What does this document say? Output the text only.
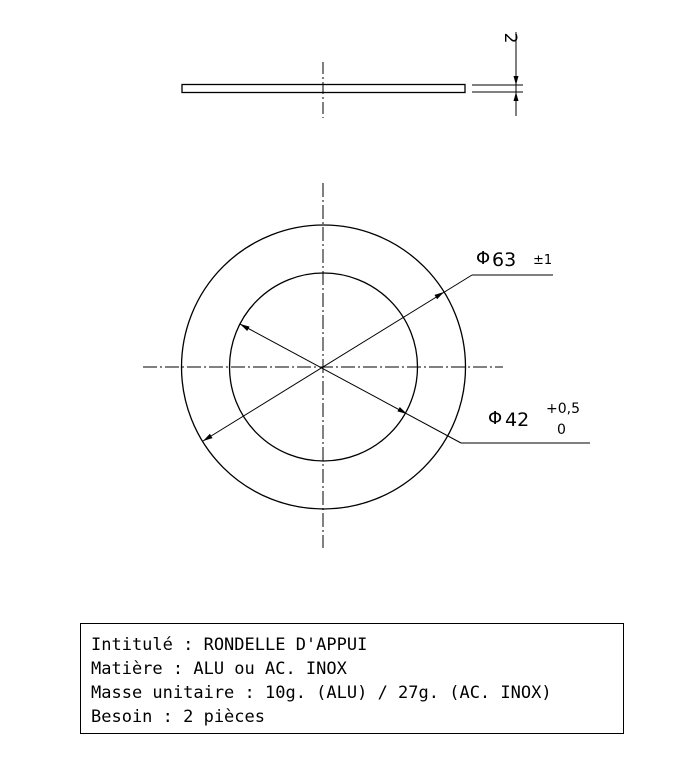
2
Φ 63 ±1
Φ 42 +0,5
0
Intitulé : RONDELLE D'APPUI
Matière : ALU ou AC. INOX
Masse unitaire : 10g. (ALU) / 27g. (AC. INOX)
Besoin : 2 pièces
